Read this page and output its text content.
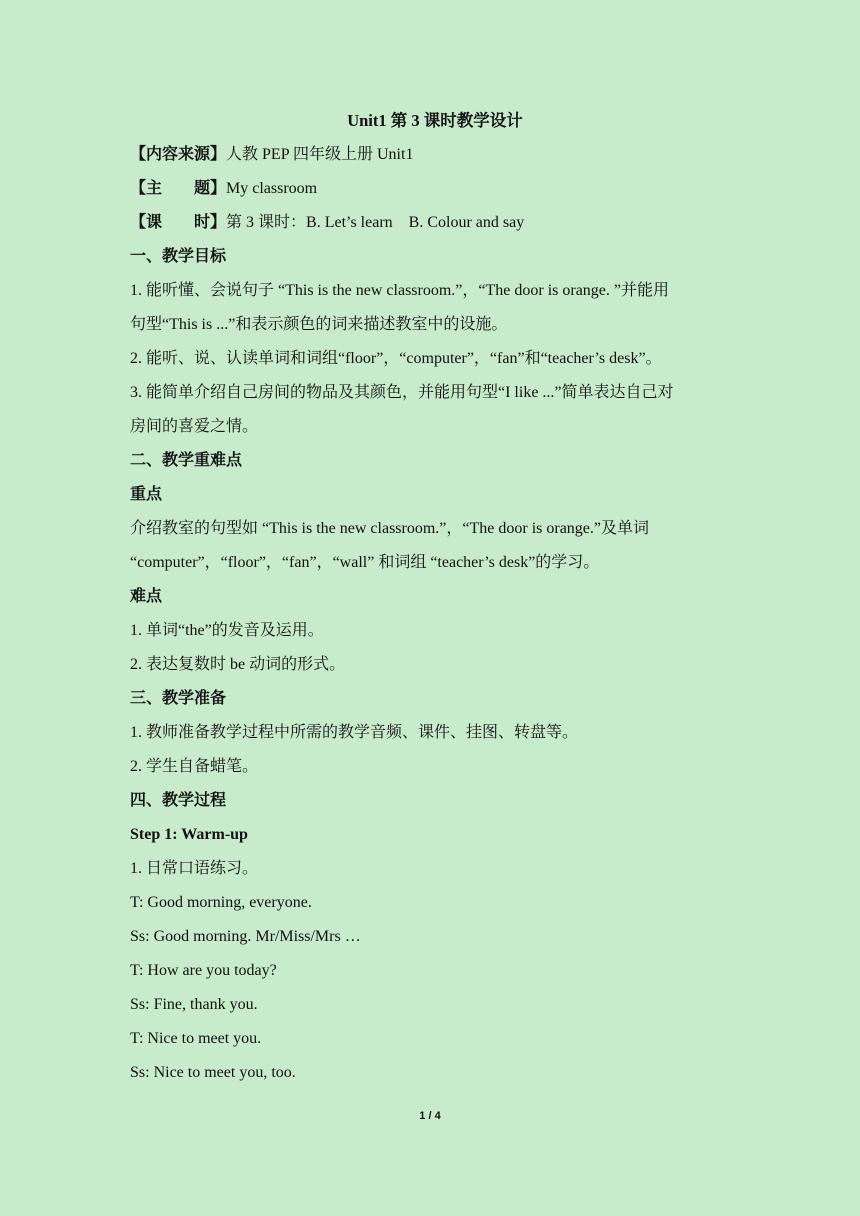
Unit1 第 3 课时教学设计
【内容来源】人教 PEP 四年级上册 Unit1
【主　　题】My classroom
【课　　时】第 3 课时：B. Let’s learn　B. Colour and say
一、教学目标
1. 能听懂、会说句子 “This is the new classroom.”，“The door is orange. ”并能用
句型“This is ...”和表示颜色的词来描述教室中的设施。
2. 能听、说、认读单词和词组“floor”，“computer”，“fan”和“teacher’s desk”。
3. 能简单介绍自己房间的物品及其颜色，并能用句型“I like ...”简单表达自己对
房间的喜爱之情。
二、教学重难点
重点
介绍教室的句型如 “This is the new classroom.”，“The door is orange.”及单词
“computer”，“floor”，“fan”，“wall” 和词组 “teacher’s desk”的学习。
难点
1. 单词“the”的发音及运用。
2. 表达复数时 be 动词的形式。
三、教学准备
1. 教师准备教学过程中所需的教学音频、课件、挂图、转盘等。
2. 学生自备蜡笔。
四、教学过程
Step 1: Warm-up
1. 日常口语练习。
T: Good morning, everyone.
Ss: Good morning. Mr/Miss/Mrs …
T: How are you today?
Ss: Fine, thank you.
T: Nice to meet you.
Ss: Nice to meet you, too.
1 / 4
